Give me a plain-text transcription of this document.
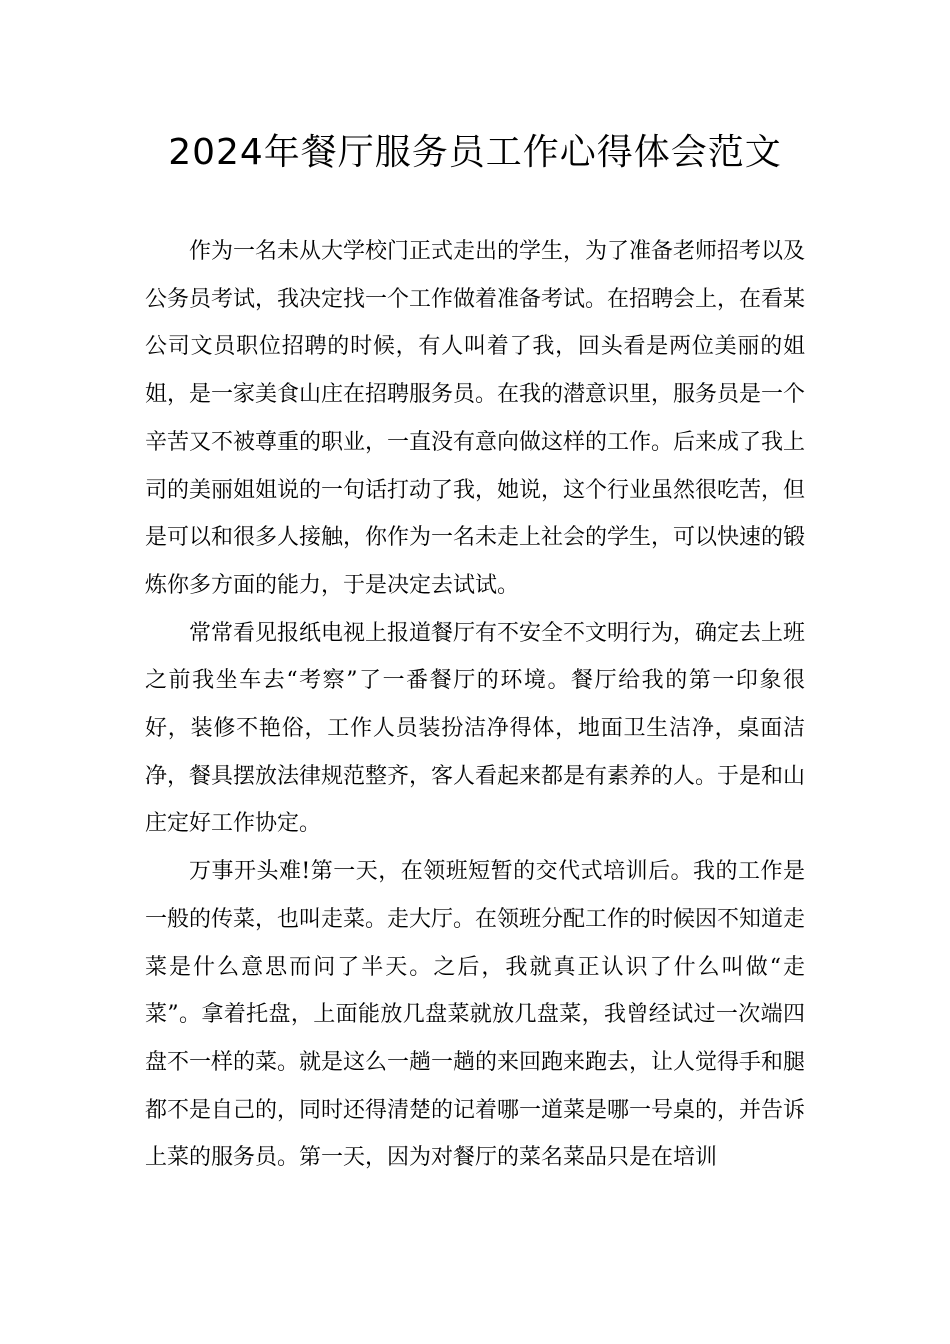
2024年餐厅服务员工作心得体会范文

作为一名未从大学校门正式走出的学生，为了准备老师招考以及公务员考试，我决定找一个工作做着准备考试。在招聘会上，在看某公司文员职位招聘的时候，有人叫着了我，回头看是两位美丽的姐姐，是一家美食山庄在招聘服务员。在我的潜意识里，服务员是一个辛苦又不被尊重的职业，一直没有意向做这样的工作。后来成了我上司的美丽姐姐说的一句话打动了我，她说，这个行业虽然很吃苦，但是可以和很多人接触，你作为一名未走上社会的学生，可以快速的锻炼你多方面的能力，于是决定去试试。

常常看见报纸电视上报道餐厅有不安全不文明行为，确定去上班之前我坐车去“考察”了一番餐厅的环境。餐厅给我的第一印象很好，装修不艳俗，工作人员装扮洁净得体，地面卫生洁净，桌面洁净，餐具摆放法律规范整齐，客人看起来都是有素养的人。于是和山庄定好工作协定。

万事开头难!第一天，在领班短暂的交代式培训后。我的工作是一般的传菜，也叫走菜。走大厅。在领班分配工作的时候因不知道走菜是什么意思而问了半天。之后，我就真正认识了什么叫做“走菜”。拿着托盘，上面能放几盘菜就放几盘菜，我曾经试过一次端四盘不一样的菜。就是这么一趟一趟的来回跑来跑去，让人觉得手和腿都不是自己的，同时还得清楚的记着哪一道菜是哪一号桌的，并告诉上菜的服务员。第一天，因为对餐厅的菜名菜品只是在培训
